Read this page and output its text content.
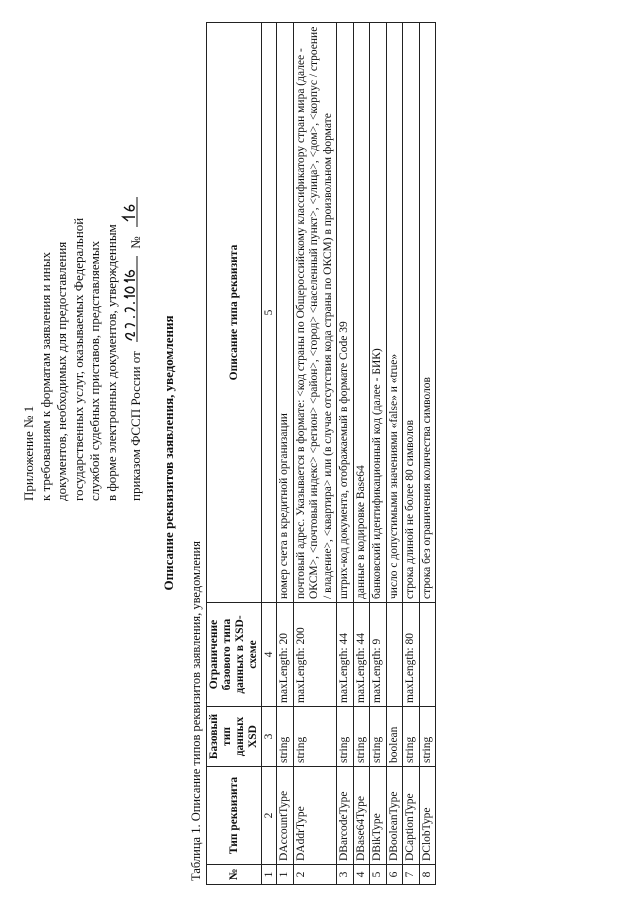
Приложение № 1 к требованиям к форматам заявления и иных документов, необходимых для предоставления государственных услуг, оказываемых Федеральной службой судебных приставов, представляемых в форме электронных документов, утвержденным приказом ФССП России от  №
Описание реквизитов заявления, уведомления
Таблица 1. Описание типов реквизитов заявления, уведомления №	Тип реквизита	Базовый тип данных XSD	Ограничение базового типа данных в XSD-схеме	Описание типа реквизита
1	2	3	4	5
1	DAccountType	string	maxLength: 20	номер счета в кредитной организации
2	DAddrType	string	maxLength: 200	почтовый адрес. Указывается в формате: <код страны по Общероссийскому классификатору стран мира (далее - ОКСМ>, <почтовый индекс> <регион> <район>, <город> <населенный пункт>, <улица>, <дом>, <корпус / строение / владение>, <квартира> или (в случае отсутствия кода страны по ОКСМ) в произвольном формате
3	DBarcodeType	string	maxLength: 44	штрих-код документа, отображаемый в формате Code 39
4	DBase64Type	string	maxLength: 44	данные в кодировке Base64
5	DBikType	string	maxLength: 9	банковский идентификационный код (далее - БИК)
6	DBooleanType	boolean		число с допустимыми значениями «false» и «true»
7	DCaptionType	string	maxLength: 80	строка длиной не более 80 символов
8	DClobType	string		строка без ограничения количества символов
